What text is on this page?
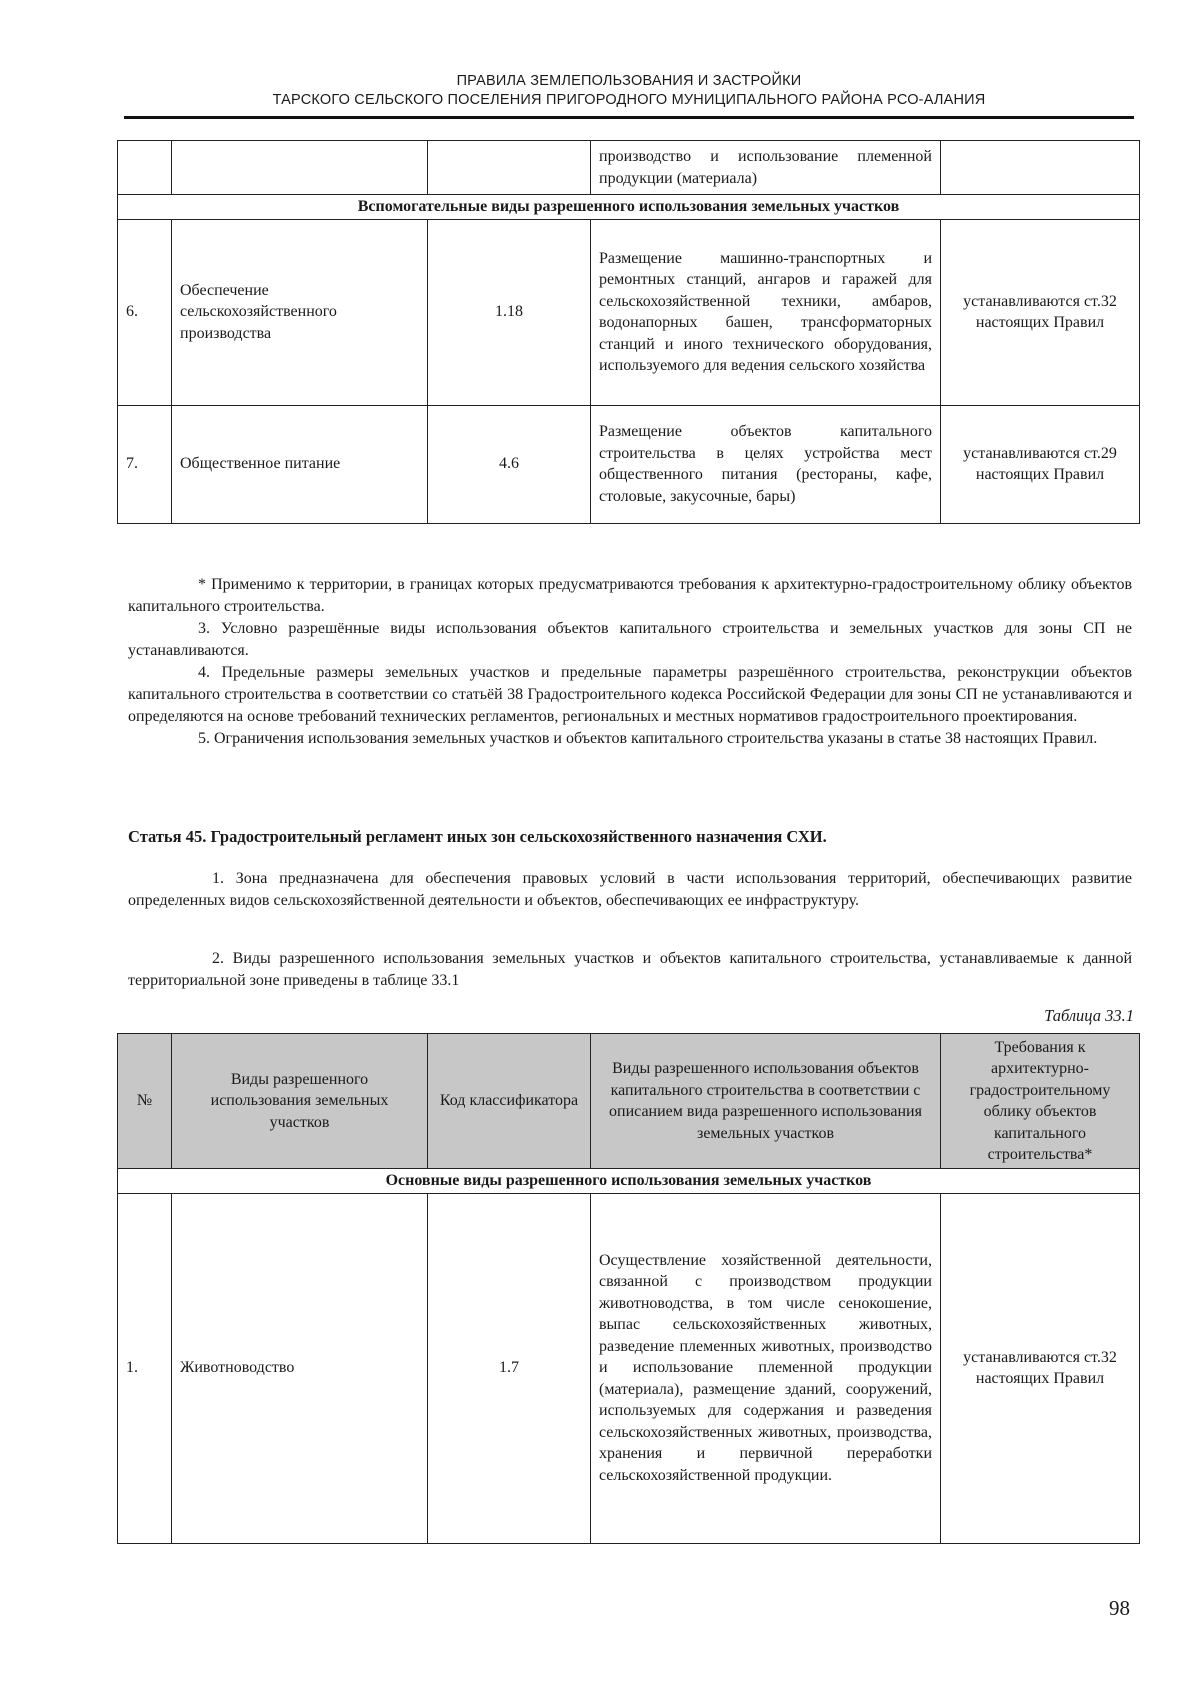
ПРАВИЛА ЗЕМЛЕПОЛЬЗОВАНИЯ И ЗАСТРОЙКИ
ТАРСКОГО СЕЛЬСКОГО ПОСЕЛЕНИЯ ПРИГОРОДНОГО МУНИЦИПАЛЬНОГО РАЙОНА РСО-АЛАНИЯ
			производство и использование племенной продукции (материала)	
Вспомогательные виды разрешенного использования земельных участков				
6.	Обеспечение сельскохозяйственного производства	1.18	Размещение машинно-транспортных и ремонтных станций, ангаров и гаражей для сельскохозяйственной техники, амбаров, водонапорных башен, трансформаторных станций и иного технического оборудования, используемого для ведения сельского хозяйства	устанавливаются ст.32 настоящих Правил
7.	Общественное питание	4.6	Размещение объектов капитального строительства в целях устройства мест общественного питания (рестораны, кафе, столовые, закусочные, бары)	устанавливаются ст.29 настоящих Правил

* Применимо к территории, в границах которых предусматриваются требования к архитектурно-градостроительному облику объектов капитального строительства.

3. Условно разрешённые виды использования объектов капитального строительства и земельных участков для зоны СП не устанавливаются.

4. Предельные размеры земельных участков и предельные параметры разрешённого строительства, реконструкции объектов капитального строительства в соответствии со статьёй 38 Градостроительного кодекса Российской Федерации для зоны СП не устанавливаются и определяются на основе требований технических регламентов, региональных и местных нормативов градостроительного проектирования.

5. Ограничения использования земельных участков и объектов капитального строительства указаны в статье 38 настоящих Правил.

Статья 45. Градостроительный регламент иных зон сельскохозяйственного назначения СХИ.

1. Зона предназначена для обеспечения правовых условий в части использования территорий, обеспечивающих развитие определенных видов сельскохозяйственной деятельности и объектов, обеспечивающих ее инфраструктуру.

2. Виды разрешенного использования земельных участков и объектов капитального строительства, устанавливаемые к данной территориальной зоне приведены в таблице 33.1

Таблица 33.1
№	Виды разрешенного использования земельных участков	Код классификатора	Виды разрешенного использования объектов капитального строительства в соответствии с описанием вида разрешенного использования земельных участков	Требования к архитектурно-градостроительному облику объектов капитального строительства*
Основные виды разрешенного использования земельных участков				
1.	Животноводство	1.7	Осуществление хозяйственной деятельности, связанной с производством продукции животноводства, в том числе сенокошение, выпас сельскохозяйственных животных, разведение племенных животных, производство и использование племенной продукции (материала), размещение зданий, сооружений, используемых для содержания и разведения сельскохозяйственных животных, производства, хранения и первичной переработки сельскохозяйственной продукции.	устанавливаются ст.32 настоящих Правил
98
